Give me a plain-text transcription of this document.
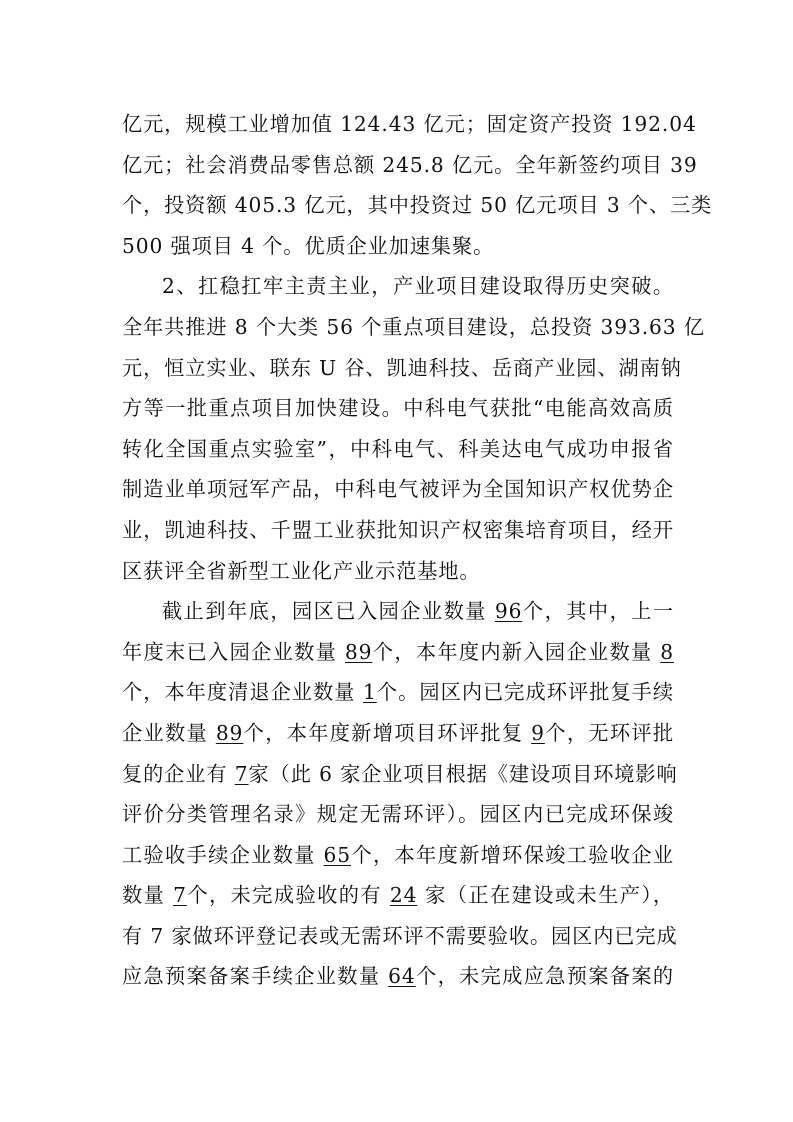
亿元，规模工业增加值 124.43 亿元；固定资产投资 192.04
亿元；社会消费品零售总额 245.8 亿元。全年新签约项目 39
个，投资额 405.3 亿元，其中投资过 50 亿元项目 3 个、三类
500 强项目 4 个。优质企业加速集聚。
2、扛稳扛牢主责主业，产业项目建设取得历史突破。
全年共推进 8 个大类 56 个重点项目建设，总投资 393.63 亿
元，恒立实业、联东 U 谷、凯迪科技、岳商产业园、湖南钠
方等一批重点项目加快建设。中科电气获批“电能高效高质
转化全国重点实验室”，中科电气、科美达电气成功申报省
制造业单项冠军产品，中科电气被评为全国知识产权优势企
业，凯迪科技、千盟工业获批知识产权密集培育项目，经开
区获评全省新型工业化产业示范基地。
截止到年底，园区已入园企业数量 96个，其中，上一
年度末已入园企业数量 89个，本年度内新入园企业数量 8
个，本年度清退企业数量 1个。园区内已完成环评批复手续
企业数量 89个，本年度新增项目环评批复 9个，无环评批
复的企业有 7家（此 6 家企业项目根据《建设项目环境影响
评价分类管理名录》规定无需环评）。园区内已完成环保竣
工验收手续企业数量 65个，本年度新增环保竣工验收企业
数量 7个，未完成验收的有 24 家（正在建设或未生产），
有 7 家做环评登记表或无需环评不需要验收。园区内已完成
应急预案备案手续企业数量 64个，未完成应急预案备案的
